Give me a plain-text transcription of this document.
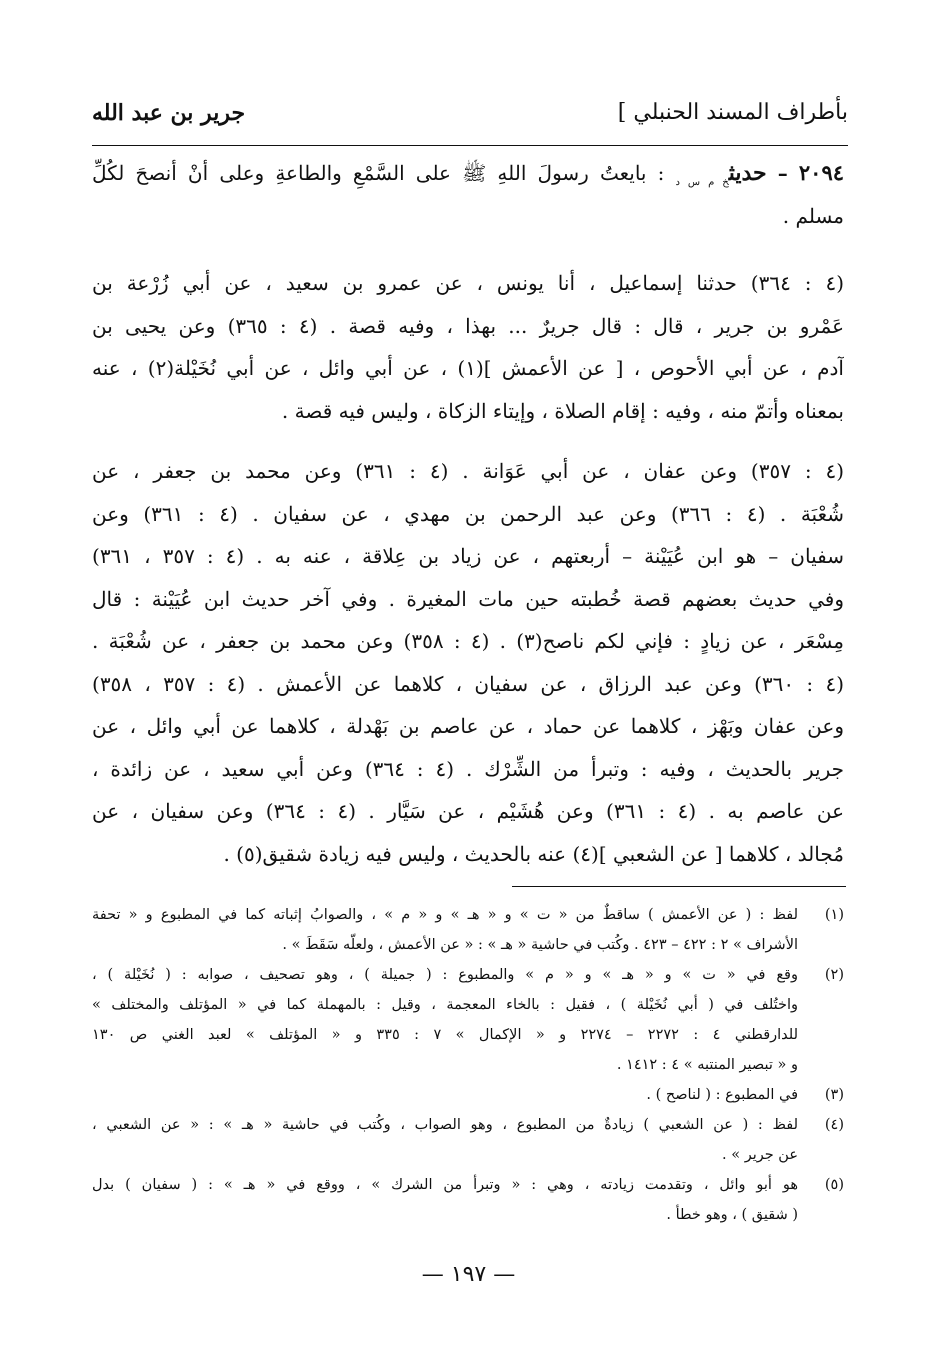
بأطراف المسند الحنبلي ]
جرير بن عبد الله
٢٠٩٤ – حديث$_{خ م س د}$ : بايعتُ رسولَ اللهِ ﷺ على السَّمْعِ والطاعةِ وعلى أنْ أنصحَ لكُلِّ
مسلم .
(٤ : ٣٦٤) حدثنا إسماعيل ، أنا يونس ، عن عمرو بن سعيد ، عن أبي زُرْعة بن
عَمْرو بن جرير ، قال : قال جريرٌ ... بهذا ، وفيه قصة . (٤ : ٣٦٥) وعن يحيى بن
آدم ، عن أبي الأحوص ، [ عن الأعمش ](١) ، عن أبي وائل ، عن أبي نُخَيْلة(٢) ، عنه
بمعناه وأتمّ منه ، وفيه : إقام الصلاة ، وإيتاء الزكاة ، وليس فيه قصة .
(٤ : ٣٥٧) وعن عفان ، عن أبي عَوَانة . (٤ : ٣٦١) وعن محمد بن جعفر ، عن
شُعْبَة . (٤ : ٣٦٦) وعن عبد الرحمن بن مهدي ، عن سفيان . (٤ : ٣٦١) وعن
سفيان – هو ابن عُيَيْنة – أربعتهم ، عن زياد بن عِلاقة ، عنه به . (٤ : ٣٥٧ ، ٣٦١)
وفي حديث بعضهم قصة خُطبته حين مات المغيرة . وفي آخر حديث ابن عُيَيْنة : قال
مِسْعَر ، عن زيادٍ : فإني لكم ناصح(٣) . (٤ : ٣٥٨) وعن محمد بن جعفر ، عن شُعْبَة .
(٤ : ٣٦٠) وعن عبد الرزاق ، عن سفيان ، كلاهما عن الأعمش . (٤ : ٣٥٧ ، ٣٥٨)
وعن عفان وبَهْز ، كلاهما عن حماد ، عن عاصم بن بَهْدلة ، كلاهما عن أبي وائل ، عن
جرير بالحديث ، وفيه : وتبرأ من الشِّرْك . (٤ : ٣٦٤) وعن أبي سعيد ، عن زائدة ،
عن عاصم به . (٤ : ٣٦١) وعن هُشَيْم ، عن سَيَّار . (٤ : ٣٦٤) وعن سفيان ، عن
مُجالد ، كلاهما [ عن الشعبي ](٤) عنه بالحديث ، وليس فيه زيادة شقيق(٥) .
(١)
لفظ : ( عن الأعمش ) ساقطٌ من « ت » و « هـ » و « م » ، والصوابُ إثباته كما في المطبوع و « تحفة
الأشراف » ٢ : ٤٢٢ – ٤٢٣ . وكُتب في حاشية « هـ » : « عن الأعمش ، ولعلّه سَقَطَ » .
(٢)
وقع في « ت » و « هـ » و « م » والمطبوع : ( جميلة ) ، وهو تصحيف ، صوابه : ( نُخَيْلة ) ،
واختُلف في ( أبي نُخَيْلة ) ، فقيل : بالخاء المعجمة ، وقيل : بالمهملة كما في « المؤتلف والمختلف »
للدارقطني ٤ : ٢٢٧٢ – ٢٢٧٤ و « الإكمال » ٧ : ٣٣٥ و « المؤتلف » لعبد الغني ص ١٣٠
و « تبصير المنتبه » ٤ : ١٤١٢ .
(٣)
في المطبوع : ( لناصح ) .
(٤)
لفظ : ( عن الشعبي ) زيادةٌ من المطبوع ، وهو الصواب ، وكُتب في حاشية « هـ » : « عن الشعبي ،
عن جرير » .
(٥)
هو أبو وائل ، وتقدمت زيادته ، وهي : « وتبرأ من الشرك » ، ووقع في « هـ » : ( سفيان ) بدل
( شقيق ) ، وهو خطأ .
— ١٩٧ —
